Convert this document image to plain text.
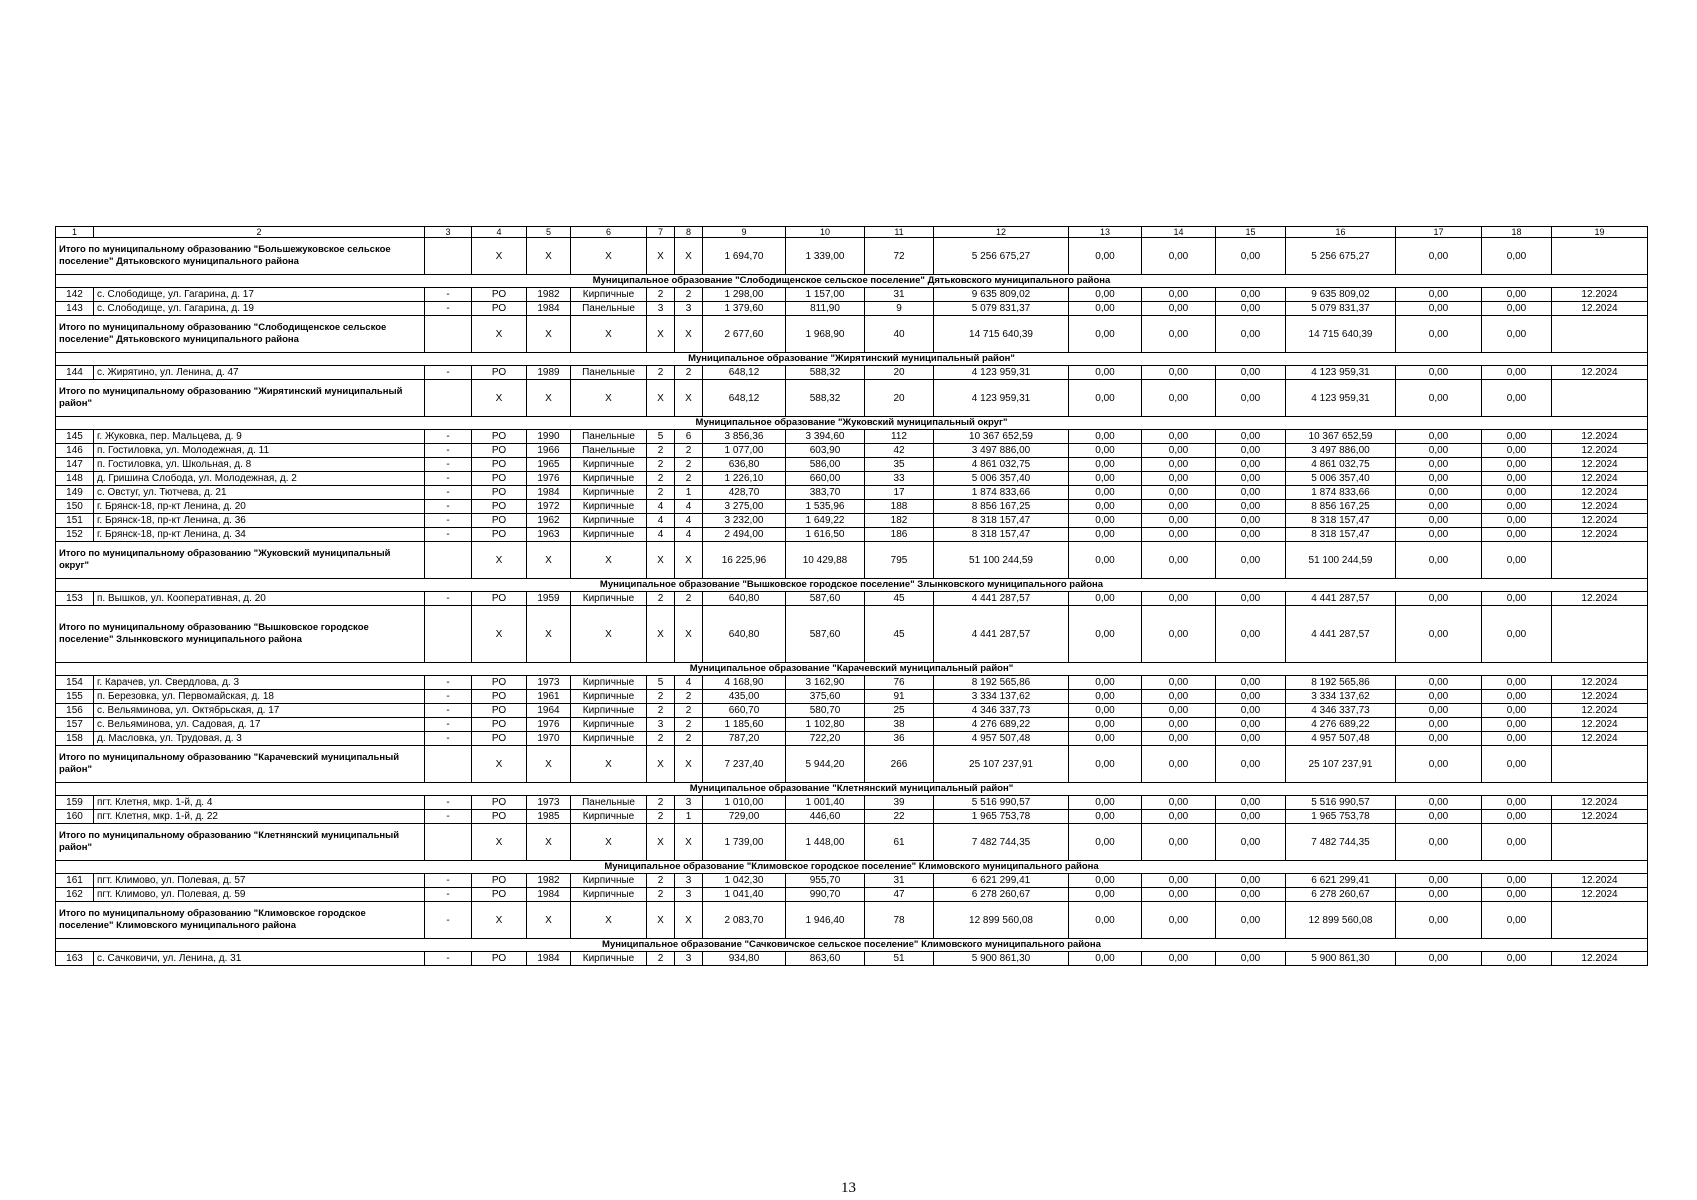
1	2	3	4	5	6	7	8	9	10	11	12	13	14	15	16	17	18	19
Итого по муниципальному образованию "Большежуковское сельское поселение" Дятьковского муниципального района			X	X	X	X	X	1 694,70	1 339,00	72	5 256 675,27	0,00	0,00	0,00	5 256 675,27	0,00	0,00	
Муниципальное образование "Слободищенское сельское поселение" Дятьковского муниципального района																		
142	с. Слободище, ул. Гагарина, д. 17	-	РО	1982	Кирпичные	2	2	1 298,00	1 157,00	31	9 635 809,02	0,00	0,00	0,00	9 635 809,02	0,00	0,00	12.2024
143	с. Слободище, ул. Гагарина, д. 19	-	РО	1984	Панельные	3	3	1 379,60	811,90	9	5 079 831,37	0,00	0,00	0,00	5 079 831,37	0,00	0,00	12.2024
Итого по муниципальному образованию "Слободищенское сельское поселение" Дятьковского муниципального района			X	X	X	X	X	2 677,60	1 968,90	40	14 715 640,39	0,00	0,00	0,00	14 715 640,39	0,00	0,00	
Муниципальное образование "Жирятинский муниципальный район"																		
144	с. Жирятино, ул. Ленина, д. 47	-	РО	1989	Панельные	2	2	648,12	588,32	20	4 123 959,31	0,00	0,00	0,00	4 123 959,31	0,00	0,00	12.2024
Итого по муниципальному образованию "Жирятинский муниципальный район"			X	X	X	X	X	648,12	588,32	20	4 123 959,31	0,00	0,00	0,00	4 123 959,31	0,00	0,00	
Муниципальное образование "Жуковский муниципальный округ"																		
145	г. Жуковка, пер. Мальцева, д. 9	-	РО	1990	Панельные	5	6	3 856,36	3 394,60	112	10 367 652,59	0,00	0,00	0,00	10 367 652,59	0,00	0,00	12.2024
146	п. Гостиловка, ул. Молодежная, д. 11	-	РО	1966	Панельные	2	2	1 077,00	603,90	42	3 497 886,00	0,00	0,00	0,00	3 497 886,00	0,00	0,00	12.2024
147	п. Гостиловка, ул. Школьная, д. 8	-	РО	1965	Кирпичные	2	2	636,80	586,00	35	4 861 032,75	0,00	0,00	0,00	4 861 032,75	0,00	0,00	12.2024
148	д. Гришина Слобода, ул. Молодежная, д. 2	-	РО	1976	Кирпичные	2	2	1 226,10	660,00	33	5 006 357,40	0,00	0,00	0,00	5 006 357,40	0,00	0,00	12.2024
149	с. Овстуг, ул. Тютчева, д. 21	-	РО	1984	Кирпичные	2	1	428,70	383,70	17	1 874 833,66	0,00	0,00	0,00	1 874 833,66	0,00	0,00	12.2024
150	г. Брянск-18, пр-кт Ленина, д. 20	-	РО	1972	Кирпичные	4	4	3 275,00	1 535,96	188	8 856 167,25	0,00	0,00	0,00	8 856 167,25	0,00	0,00	12.2024
151	г. Брянск-18, пр-кт Ленина, д. 36	-	РО	1962	Кирпичные	4	4	3 232,00	1 649,22	182	8 318 157,47	0,00	0,00	0,00	8 318 157,47	0,00	0,00	12.2024
152	г. Брянск-18, пр-кт Ленина, д. 34	-	РО	1963	Кирпичные	4	4	2 494,00	1 616,50	186	8 318 157,47	0,00	0,00	0,00	8 318 157,47	0,00	0,00	12.2024
Итого по муниципальному образованию "Жуковский муниципальный округ"			X	X	X	X	X	16 225,96	10 429,88	795	51 100 244,59	0,00	0,00	0,00	51 100 244,59	0,00	0,00	
Муниципальное образование "Вышковское городское поселение" Злынковского муниципального района																		
153	п. Вышков, ул. Кооперативная, д. 20	-	РО	1959	Кирпичные	2	2	640,80	587,60	45	4 441 287,57	0,00	0,00	0,00	4 441 287,57	0,00	0,00	12.2024
Итого по муниципальному образованию "Вышковское городское поселение" Злынковского муниципального района			X	X	X	X	X	640,80	587,60	45	4 441 287,57	0,00	0,00	0,00	4 441 287,57	0,00	0,00	
Муниципальное образование "Карачевский муниципальный район"																		
154	г. Карачев, ул. Свердлова, д. 3	-	РО	1973	Кирпичные	5	4	4 168,90	3 162,90	76	8 192 565,86	0,00	0,00	0,00	8 192 565,86	0,00	0,00	12.2024
155	п. Березовка, ул. Первомайская, д. 18	-	РО	1961	Кирпичные	2	2	435,00	375,60	91	3 334 137,62	0,00	0,00	0,00	3 334 137,62	0,00	0,00	12.2024
156	с. Вельяминова, ул. Октябрьская, д. 17	-	РО	1964	Кирпичные	2	2	660,70	580,70	25	4 346 337,73	0,00	0,00	0,00	4 346 337,73	0,00	0,00	12.2024
157	с. Вельяминова, ул. Садовая, д. 17	-	РО	1976	Кирпичные	3	2	1 185,60	1 102,80	38	4 276 689,22	0,00	0,00	0,00	4 276 689,22	0,00	0,00	12.2024
158	д. Масловка, ул. Трудовая, д. 3	-	РО	1970	Кирпичные	2	2	787,20	722,20	36	4 957 507,48	0,00	0,00	0,00	4 957 507,48	0,00	0,00	12.2024
Итого по муниципальному образованию "Карачевский муниципальный район"			X	X	X	X	X	7 237,40	5 944,20	266	25 107 237,91	0,00	0,00	0,00	25 107 237,91	0,00	0,00	
Муниципальное образование "Клетнянский муниципальный район"																		
159	пгт. Клетня, мкр. 1-й, д. 4	-	РО	1973	Панельные	2	3	1 010,00	1 001,40	39	5 516 990,57	0,00	0,00	0,00	5 516 990,57	0,00	0,00	12.2024
160	пгт. Клетня, мкр. 1-й, д. 22	-	РО	1985	Кирпичные	2	1	729,00	446,60	22	1 965 753,78	0,00	0,00	0,00	1 965 753,78	0,00	0,00	12.2024
Итого по муниципальному образованию "Клетнянский муниципальный район"			X	X	X	X	X	1 739,00	1 448,00	61	7 482 744,35	0,00	0,00	0,00	7 482 744,35	0,00	0,00	
Муниципальное образование "Климовское городское поселение" Климовского муниципального района																		
161	пгт. Климово, ул. Полевая, д. 57	-	РО	1982	Кирпичные	2	3	1 042,30	955,70	31	6 621 299,41	0,00	0,00	0,00	6 621 299,41	0,00	0,00	12.2024
162	пгт. Климово, ул. Полевая, д. 59	-	РО	1984	Кирпичные	2	3	1 041,40	990,70	47	6 278 260,67	0,00	0,00	0,00	6 278 260,67	0,00	0,00	12.2024
Итого по муниципальному образованию "Климовское городское поселение" Климовского муниципального района		-	X	X	X	X	X	2 083,70	1 946,40	78	12 899 560,08	0,00	0,00	0,00	12 899 560,08	0,00	0,00	
Муниципальное образование "Сачковичское сельское поселение" Климовского муниципального района																		
163	с. Сачковичи, ул. Ленина, д. 31	-	РО	1984	Кирпичные	2	3	934,80	863,60	51	5 900 861,30	0,00	0,00	0,00	5 900 861,30	0,00	0,00	12.2024
13
